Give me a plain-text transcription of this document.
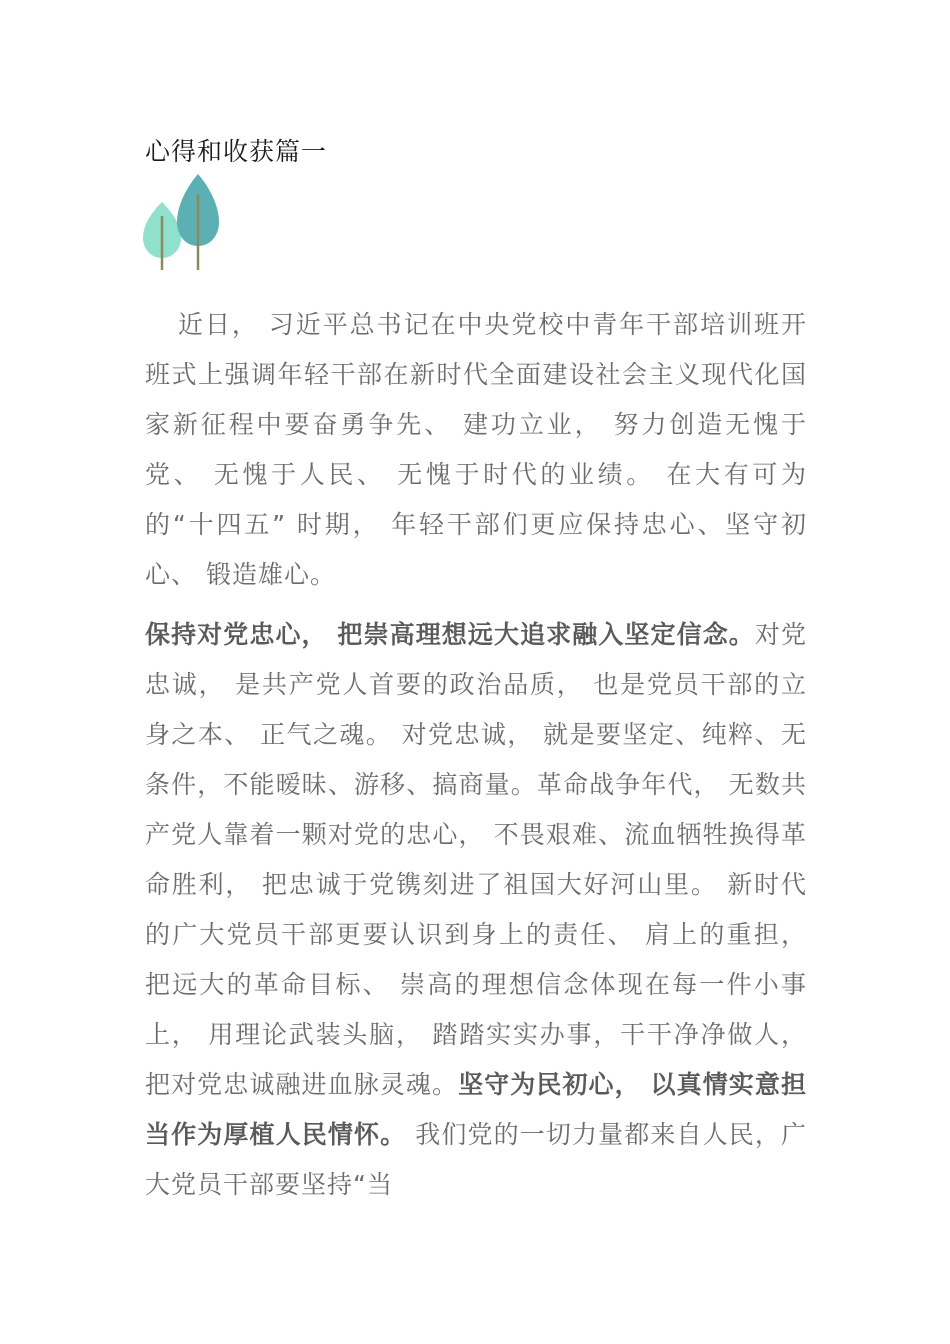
心得和收获篇一
近日， 习近平总书记在中央党校中青年干部培训班开班式上强调年轻干部在新时代全面建设社会主义现代化国家新征程中要奋勇争先、 建功立业， 努力创造无愧于党、 无愧于人民、 无愧于时代的业绩。 在大有可为的“十四五” 时期， 年轻干部们更应保持忠心、坚守初心、 锻造雄心。
保持对党忠心， 把崇高理想远大追求融入坚定信念。对党忠诚， 是共产党人首要的政治品质， 也是党员干部的立身之本、 正气之魂。 对党忠诚， 就是要坚定、纯粹、无条件，不能暧昧、游移、搞商量。革命战争年代， 无数共产党人靠着一颗对党的忠心， 不畏艰难、流血牺牲换得革命胜利， 把忠诚于党镌刻进了祖国大好河山里。 新时代的广大党员干部更要认识到身上的责任、 肩上的重担， 把远大的革命目标、 崇高的理想信念体现在每一件小事上， 用理论武装头脑， 踏踏实实办事，干干净净做人，把对党忠诚融进血脉灵魂。坚守为民初心， 以真情实意担当作为厚植人民情怀。 我们党的一切力量都来自人民，广大党员干部要坚持“当
